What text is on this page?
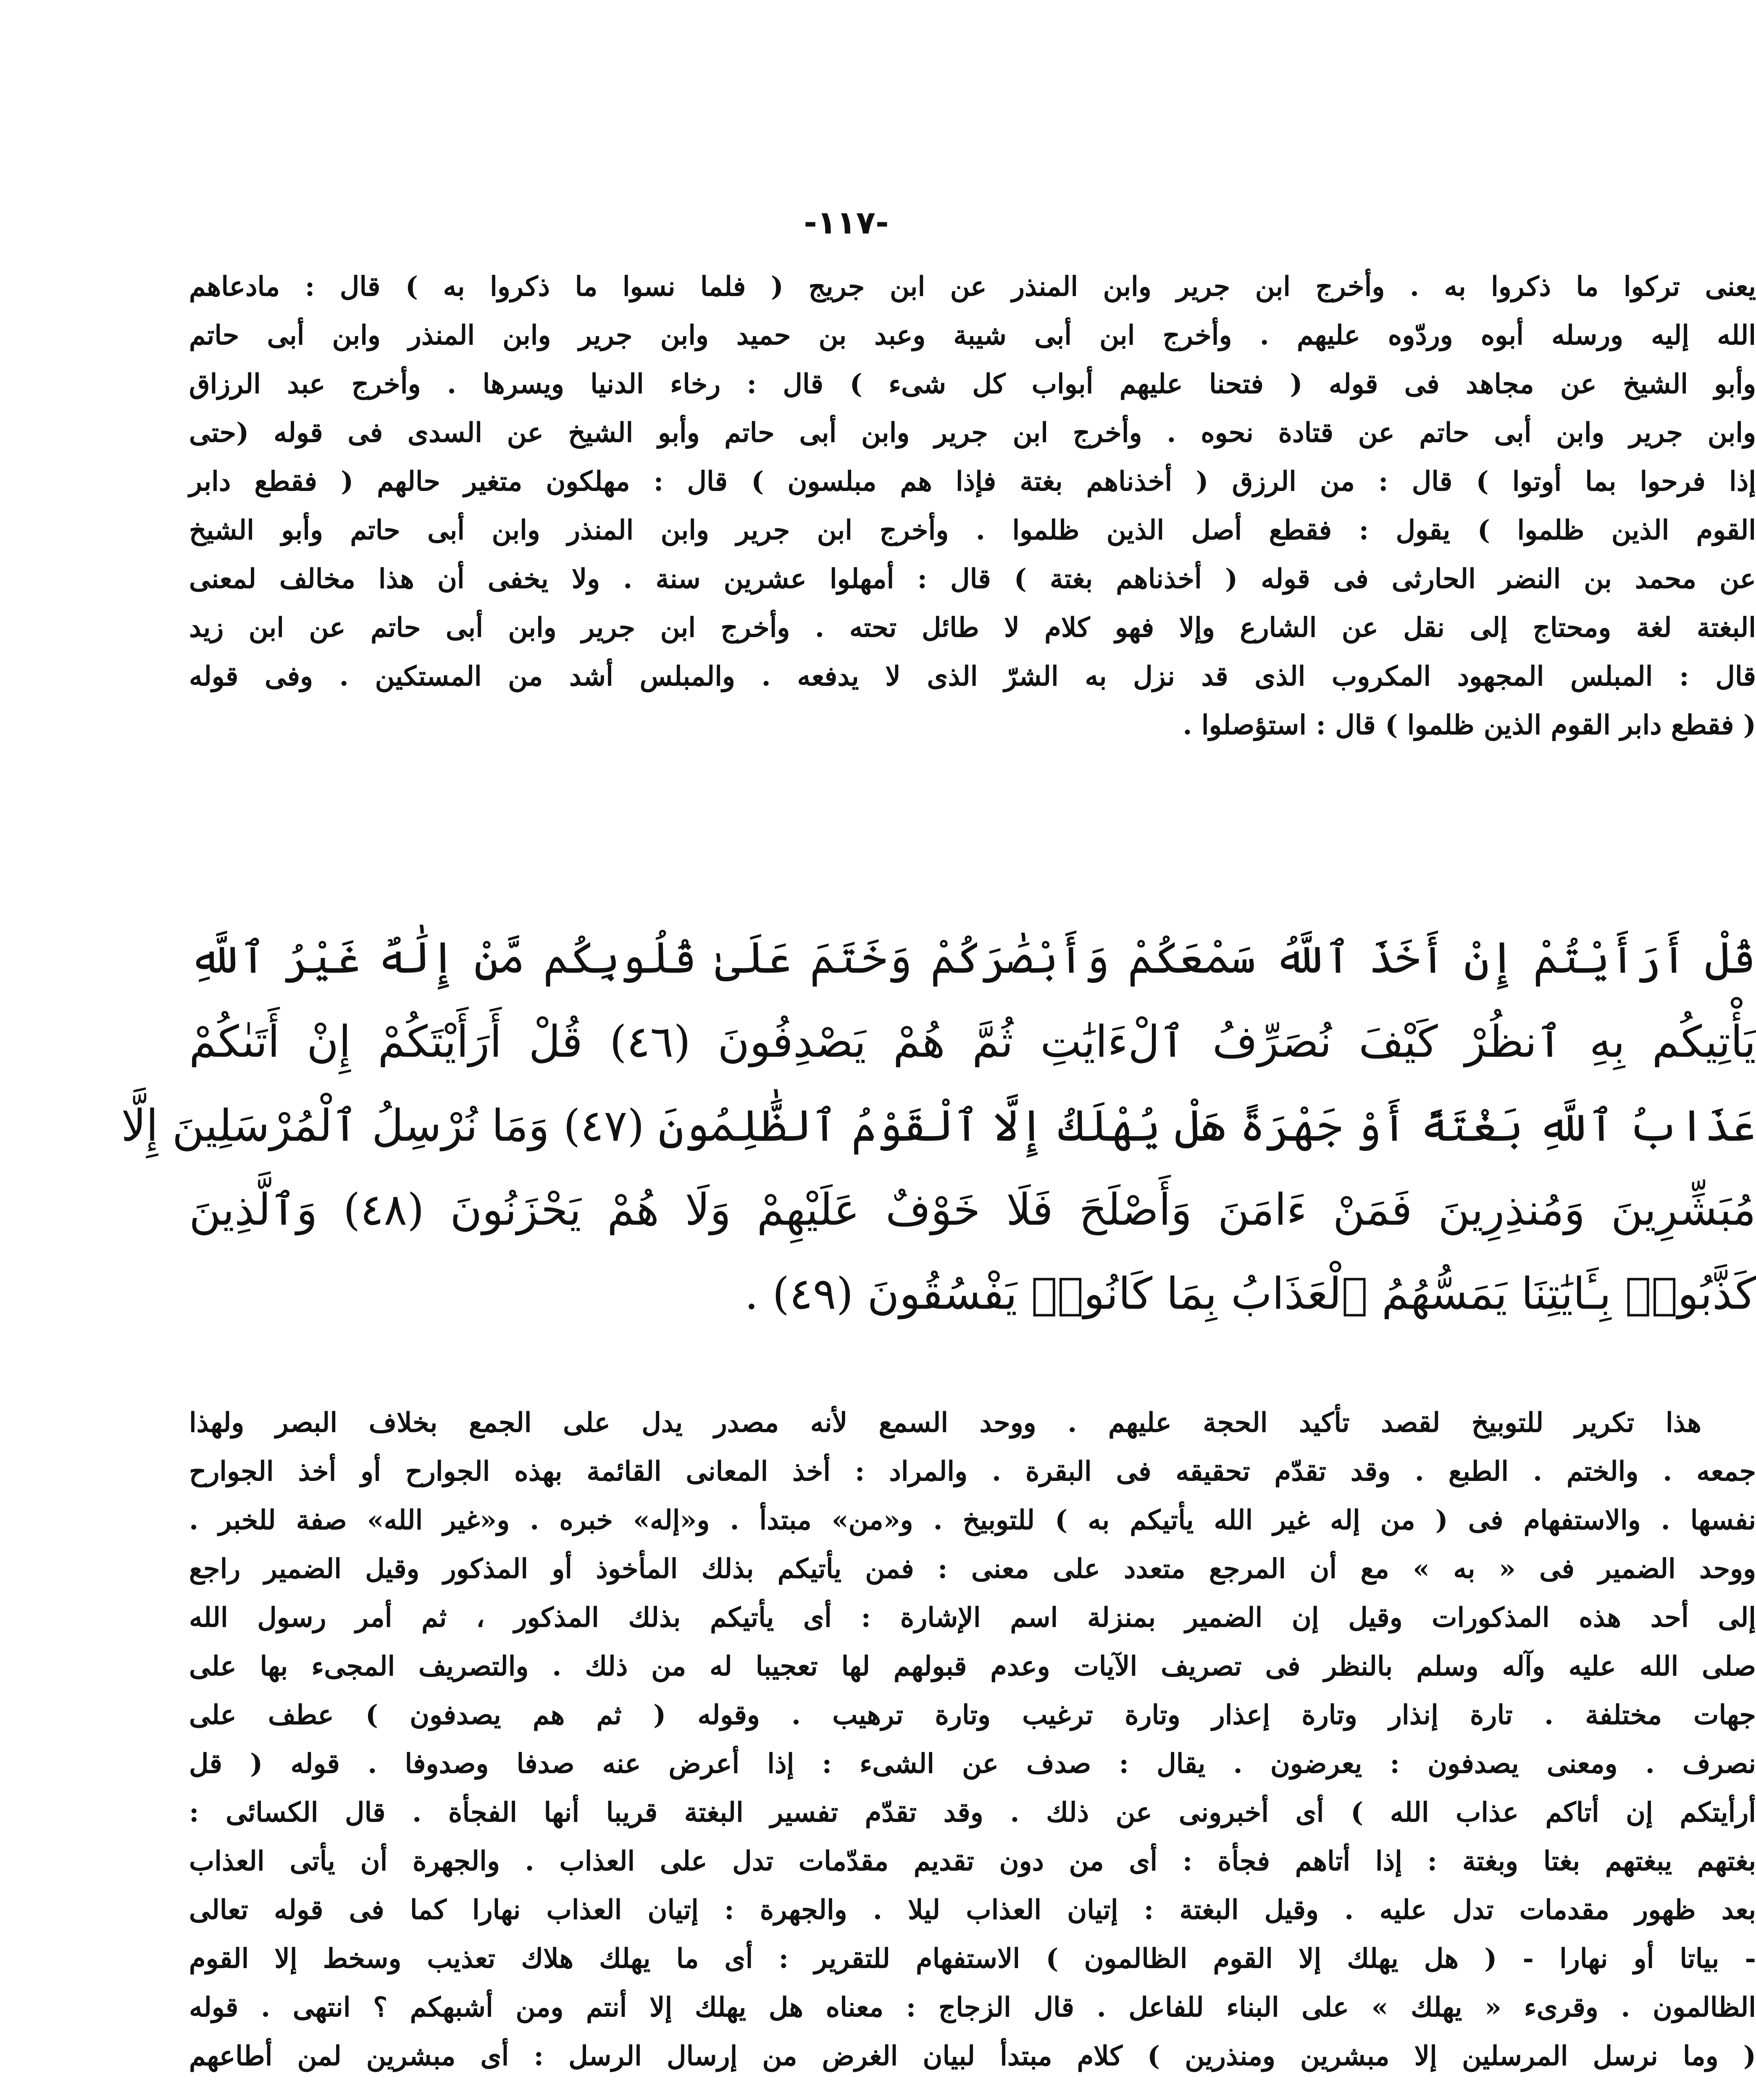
-١١٧-
يعنى تركوا ما ذكروا به . وأخرج ابن جرير وابن المنذر عن ابن جريج ( فلما نسوا ما ذكروا به ) قال : مادعاهم
الله إليه ورسله أبوه وردّوه عليهم . وأخرج ابن أبى شيبة وعبد بن حميد وابن جرير وابن المنذر وابن أبى حاتم
وأبو الشيخ عن مجاهد فى قوله ( فتحنا عليهم أبواب كل شىء ) قال : رخاء الدنيا ويسرها . وأخرج عبد الرزاق
وابن جرير وابن أبى حاتم عن قتادة نحوه . وأخرج ابن جرير وابن أبى حاتم وأبو الشيخ عن السدى فى قوله (حتى
إذا فرحوا بما أوتوا ) قال : من الرزق ( أخذناهم بغتة فإذا هم مبلسون ) قال : مهلكون متغير حالهم ( فقطع دابر
القوم الذين ظلموا ) يقول : فقطع أصل الذين ظلموا . وأخرج ابن جرير وابن المنذر وابن أبى حاتم وأبو الشيخ
عن محمد بن النضر الحارثى فى قوله ( أخذناهم بغتة ) قال : أمهلوا عشرين سنة . ولا يخفى أن هذا مخالف لمعنى
البغتة لغة ومحتاج إلى نقل عن الشارع وإلا فهو كلام لا طائل تحته . وأخرج ابن جرير وابن أبى حاتم عن ابن زيد
قال : المبلس المجهود المكروب الذى قد نزل به الشرّ الذى لا يدفعه . والمبلس أشد من المستكين . وفى قوله
( فقطع دابر القوم الذين ظلموا ) قال : استؤصلوا .
قُلْ أَرَأَيْتُمْ إِنْ أَخَذَ ٱللَّهُ سَمْعَكُمْ وَأَبْصَٰرَكُمْ وَخَتَمَ عَلَىٰ قُلُوبِكُم مَّنْ إِلَٰهٌ غَيْرُ ٱللَّهِ
يَأْتِيكُم بِهِ ٱنظُرْ كَيْفَ نُصَرِّفُ ٱلْءَايَٰتِ ثُمَّ هُمْ يَصْدِفُونَ (٤٦) قُلْ أَرَأَيْتَكُمْ إِنْ أَتَىٰكُمْ
عَذَابُ ٱللَّهِ بَغْتَةً أَوْ جَهْرَةً هَلْ يُهْلَكُ إِلَّا ٱلْقَوْمُ ٱلظَّٰلِمُونَ (٤٧) وَمَا نُرْسِلُ ٱلْمُرْسَلِينَ إِلَّا
مُبَشِّرِينَ وَمُنذِرِينَ فَمَنْ ءَامَنَ وَأَصْلَحَ فَلَا خَوْفٌ عَلَيْهِمْ وَلَا هُمْ يَحْزَنُونَ (٤٨) وَٱلَّذِينَ
كَذَّبُوا۟ بِـَٔايَٰتِنَا يَمَسُّهُمُ ٱلْعَذَابُ بِمَا كَانُوا۟ يَفْسُقُونَ (٤٩) .
هذا تكرير للتوبيخ لقصد تأكيد الحجة عليهم . ووحد السمع لأنه مصدر يدل على الجمع بخلاف البصر ولهذا
جمعه . والختم . الطبع . وقد تقدّم تحقيقه فى البقرة . والمراد : أخذ المعانى القائمة بهذه الجوارح أو أخذ الجوارح
نفسها . والاستفهام فى ( من إله غير الله يأتيكم به ) للتوبيخ . و«من» مبتدأ . و«إله» خبره . و«غير الله» صفة للخبر .
ووحد الضمير فى « به » مع أن المرجع متعدد على معنى : فمن يأتيكم بذلك المأخوذ أو المذكور وقيل الضمير راجع
إلى أحد هذه المذكورات وقيل إن الضمير بمنزلة اسم الإشارة : أى يأتيكم بذلك المذكور ، ثم أمر رسول الله
صلى الله عليه وآله وسلم بالنظر فى تصريف الآيات وعدم قبولهم لها تعجيبا له من ذلك . والتصريف المجىء بها على
جهات مختلفة . تارة إنذار وتارة إعذار وتارة ترغيب وتارة ترهيب . وقوله ( ثم هم يصدفون ) عطف على
نصرف . ومعنى يصدفون : يعرضون . يقال : صدف عن الشىء : إذا أعرض عنه صدفا وصدوفا . قوله ( قل
أرأيتكم إن أتاكم عذاب الله ) أى أخبرونى عن ذلك . وقد تقدّم تفسير البغتة قريبا أنها الفجأة . قال الكسائى :
بغتهم يبغتهم بغتا وبغتة : إذا أتاهم فجأة : أى من دون تقديم مقدّمات تدل على العذاب . والجهرة أن يأتى العذاب
بعد ظهور مقدمات تدل عليه . وقيل البغتة : إتيان العذاب ليلا . والجهرة : إتيان العذاب نهارا كما فى قوله تعالى
- بياتا أو نهارا - ( هل يهلك إلا القوم الظالمون ) الاستفهام للتقرير : أى ما يهلك هلاك تعذيب وسخط إلا القوم
الظالمون . وقرىء « يهلك » على البناء للفاعل . قال الزجاج : معناه هل يهلك إلا أنتم ومن أشبهكم ؟ انتهى . قوله
( وما نرسل المرسلين إلا مبشرين ومنذرين ) كلام مبتدأ لبيان الغرض من إرسال الرسل : أى مبشرين لمن أطاعهم
